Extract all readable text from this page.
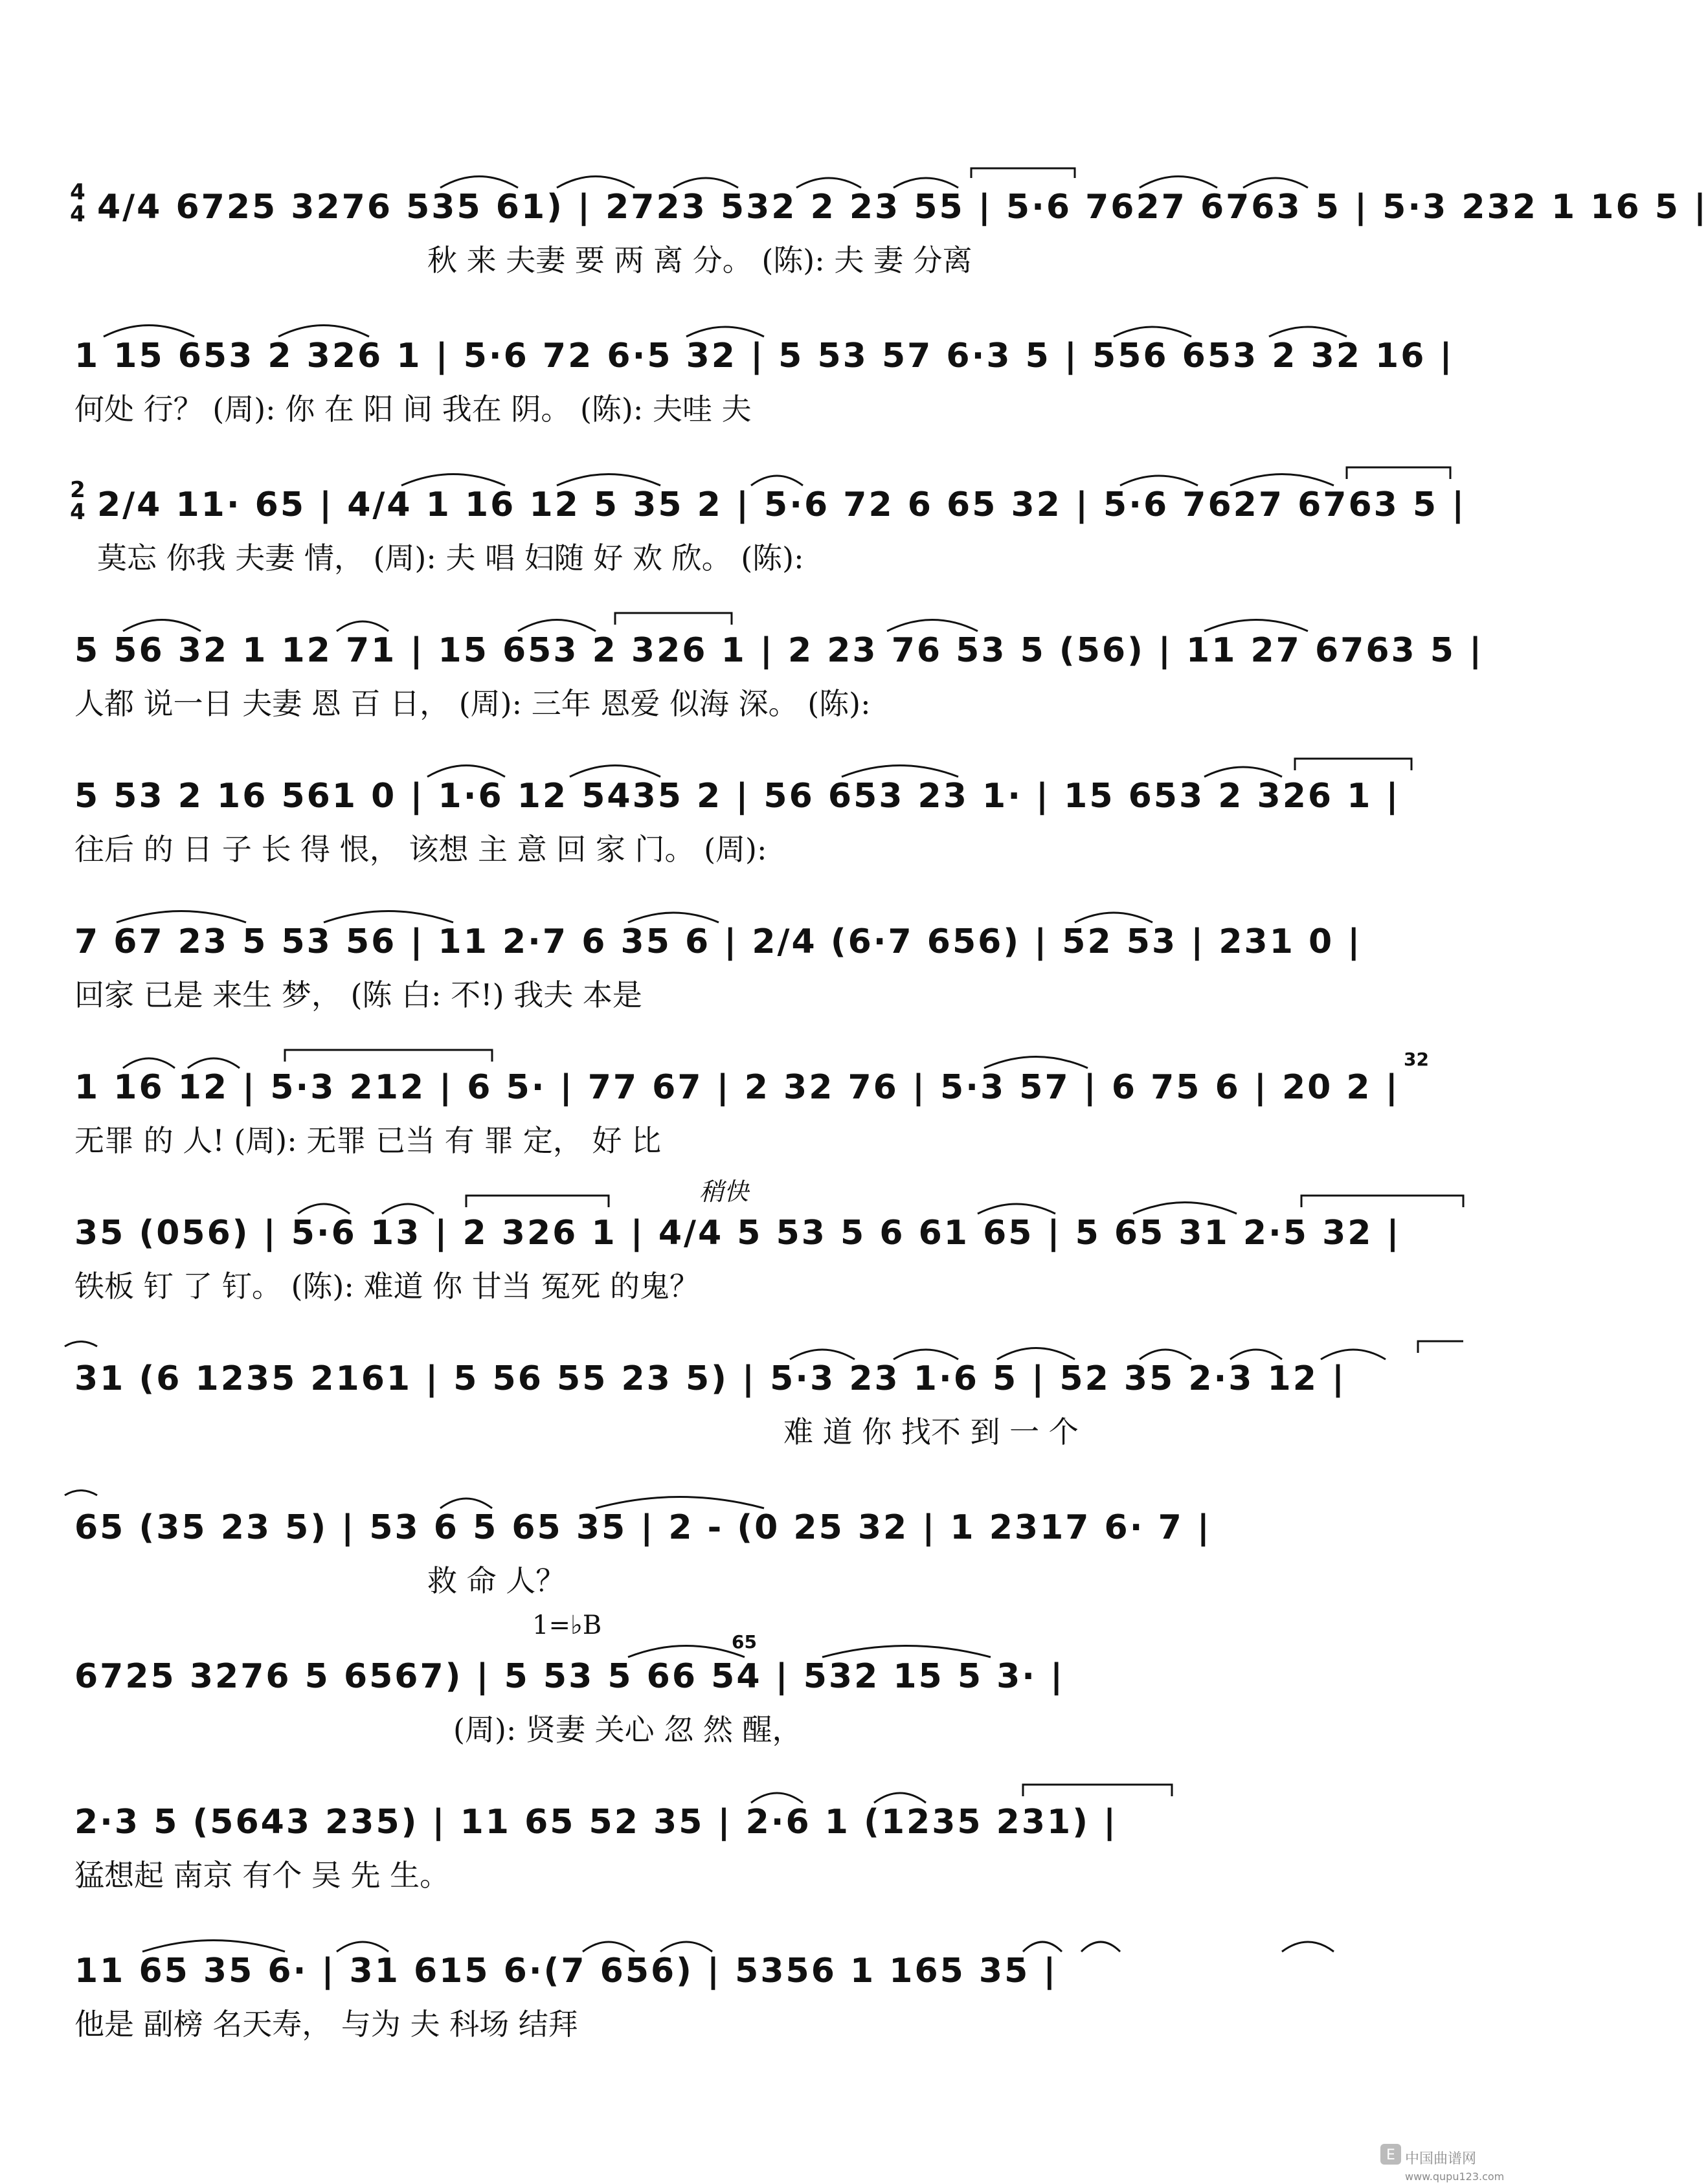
4
4 4/4 6725 3276 535 61) | 2723 532 2 23 55 | 5·6 7627 6763 5 | 5·3 232 1 16 5 |
秋 来 夫妻 要 两 离 分。 (陈): 夫 妻 分离
1 15 653 2 326 1 | 5·6 72 6·5 32 | 5 53 57 6·3 5 | 556 653 2 32 16 |
何处 行？ (周): 你 在 阳 间 我在 阴。 (陈): 夫哇 夫
2
4 2/4 11· 65 | 4/4 1 16 12 5 35 2 | 5·6 72 6 65 32 | 5·6 7627 6763 5 |
莫忘 你我 夫妻 情， (周): 夫 唱 妇随 好 欢 欣。 (陈):
5 56 32 1 12 71 | 15 653 2 326 1 | 2 23 76 53 5 (56) | 11 27 6763 5 |
人都 说一日 夫妻 恩 百 日， (周): 三年 恩爱 似海 深。 (陈):
5 53 2 16 561 0 | 1·6 12 5435 2 | 56 653 23 1· | 15 653 2 326 1 |
往后 的 日 子 长 得 恨， 该想 主 意 回 家 门。 (周):
7 67 23 5 53 56 | 11 2·7 6 35 6 | 2/4 (6·7 656) | 52 53 | 231 0 |
回家 已是 来生 梦， (陈 白: 不!) 我夫 本是
1 16 12 | 5·3 212 | 6 5· | 77 67 | 2 32 76 | 5·3 57 | 6 75 6 | 20 2 |
32
无罪 的 人! (周): 无罪 已当 有 罪 定， 好 比
35 (056) | 5·6 13 | 2 326 1 | 4/4 5 53 5 6 61 65 | 5 65 31 2·5 32 |
铁板 钉 了 钉。 (陈): 难道 你 甘当 冤死 的鬼？
31 (6 1235 2161 | 5 56 55 23 5) | 5·3 23 1·6 5 | 52 35 2·3 12 |
难 道 你 找不 到 一 个
65 (35 23 5) | 53 6 5 65 35 | 2 - (0 25 32 | 1 2317 6· 7 |
救 命 人？
1=♭B
6725 3276 5 6567) | 5 53 5 66 54 | 532 15 5 3· |
65
(周): 贤妻 关心 忽 然 醒，
2·3 5 (5643 235) | 11 65 52 35 | 2·6 1 (1235 231) |
猛想起 南京 有个 吴 先 生。
11 65 35 6· | 31 615 6·(7 656) | 5356 1 165 35 |
他是 副榜 名天寿， 与为 夫 科场 结拜
稍快
E 中国曲谱网
www.qupu123.com
